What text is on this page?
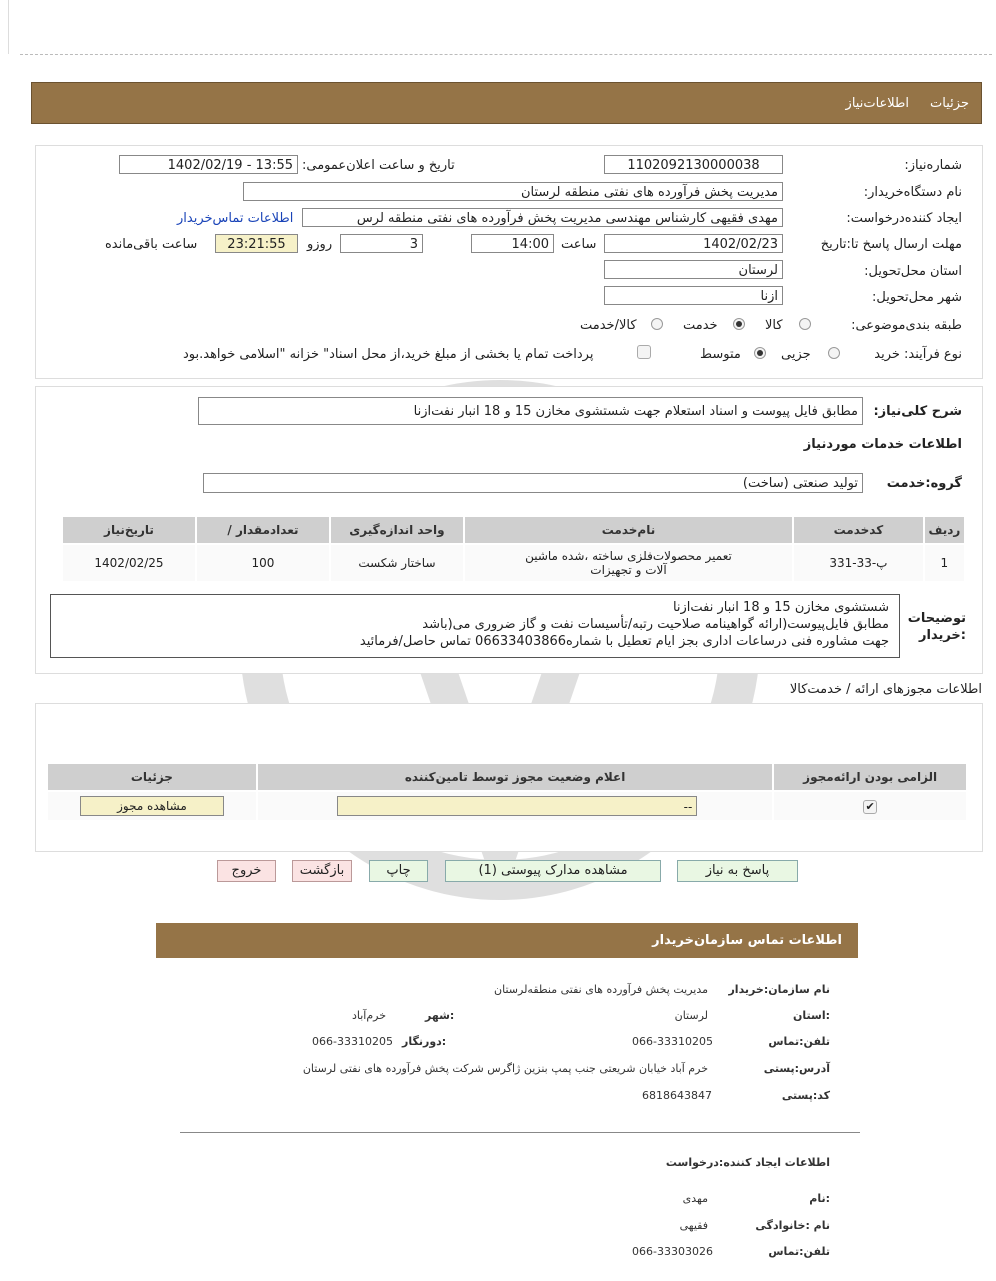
جزئیات
اطلاعات‌نیاز
شماره‌نیاز:
1102092130000038
تاریخ و ساعت اعلان‌عمومی:
1402/02/19 - 13:55
نام دستگاه‌خریدار:
مدیریت پخش فرآورده های نفتی منطقه لرستان
ایجاد کننده‌درخواست:
مهدی فقیهی کارشناس مهندسی مدیریت پخش فرآورده های نفتی منطقه لرس
اطلاعات تماس‌خریدار
مهلت ارسال پاسخ تا:تاریخ
1402/02/23
ساعت
14:00
3
روزو
23:21:55
ساعت باقی‌مانده
استان محل‌تحویل:
لرستان
شهر محل‌تحویل:
ازنا
طبقه بندی‌موضوعی:
کالا
خدمت
کالا/خدمت
نوع فرآیند: خرید
جزیی
متوسط
پرداخت تمام یا بخشی از مبلغ خرید،از محل اسناد" خزانه "اسلامی خواهد.بود
شرح کلی‌نیاز:
مطابق فایل پیوست و اسناد استعلام جهت شستشوی مخازن 15 و 18 انبار نفت‌ازنا
اطلاعات خدمات موردنیاز
گروه‌:خدمت
تولید صنعتی (ساخت)
ردیف	کدخدمت	نام‌خدمت	واحد اندازه‌گیری	تعداد‌مقدار /	تاریخ‌نیاز
1	پ-33-331	تعمیر محصولات‌فلزی ساخته ،شده ماشین آلات و تجهیزات	ساختار شکست	100	1402/02/25
توضیحات :خریدار
شستشوی مخازن 15 و 18 انبار نفت‌ازنا
مطابق فایل‌پیوست(ارائه گواهینامه صلاحیت رتبه‌/تأسیسات نفت و گاز ضروری می(باشد
جهت مشاوره فنی درساعات اداری بجز ایام تعطیل با شماره06633403866 تماس حاصل/فرمائید
اطلاعات مجوزهای ارائه / خدمت‌کالا
الزامی بودن ارائه‌مجوز	اعلام وضعیت مجوز توسط تامین‌کننده	جزئیات
✔	--	مشاهده مجوز
پاسخ به نیاز
مشاهده مدارک پیوستی (1)
چاپ
بازگشت
خروج
اطلاعات تماس سازمان‌خریدار
نام سازمان:خریدار
مدیریت پخش فرآورده های نفتی منطقه‌لرستان
:استان
لرستان
:شهر
خرم‌آباد
تلفن‌:تماس
066-33310205
:دورنگار
066-33310205
آدرس‌:پستی
خرم آباد خیابان شریعتی جنب پمپ بنزین ژاگرس شرکت پخش فرآورده های نفتی لرستان
کد:پستی
6818643847
اطلاعات ایجاد کننده‌:درخواست
:نام
مهدی
نام :خانوادگی
فقیهی
تلفن‌:تماس
066-33303026
